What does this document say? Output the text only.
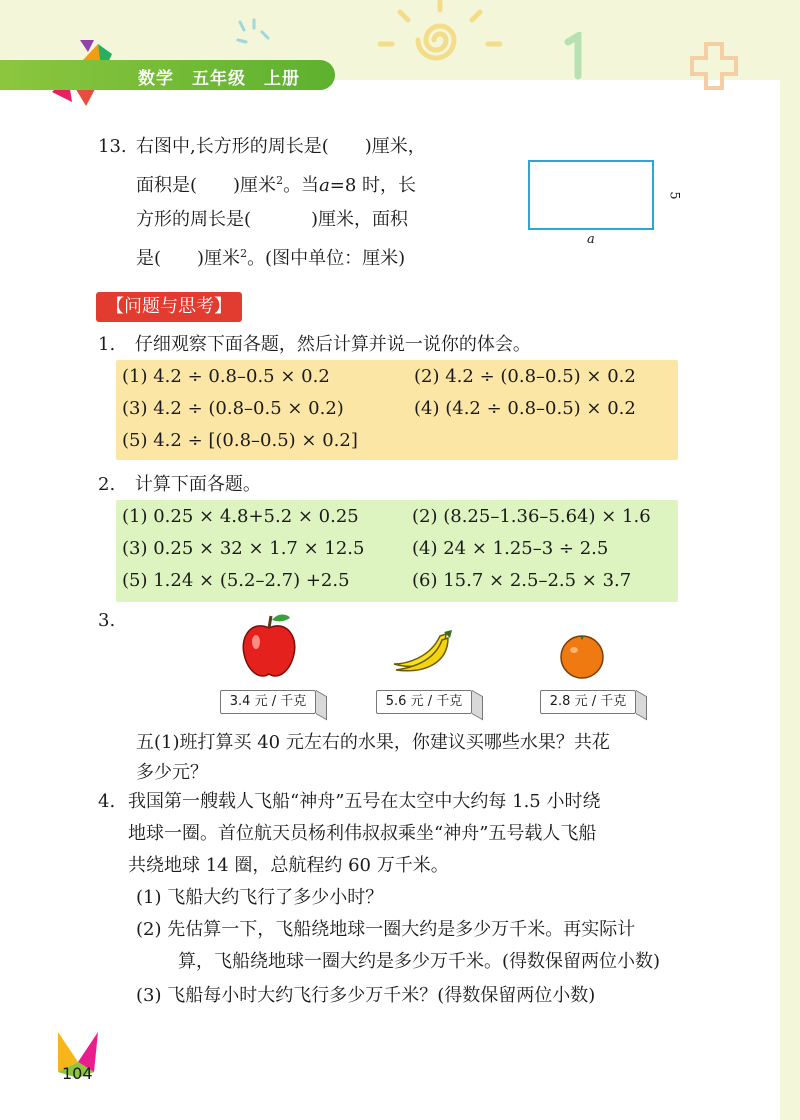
数学　五年级　上册
13. 右图中,长方形的周长是( )厘米，
面积是( )厘米$^2$。当a=8 时，长
方形的周长是(	)厘米，面积
是( )厘米$^2$。(图中单位：厘米)
5
a
【问题与思考】
1. 仔细观察下面各题，然后计算并说一说你的体会。
(1) 4.2 ÷ 0.8–0.5 × 0.2	(2) 4.2 ÷ (0.8–0.5) × 0.2
(3) 4.2 ÷ (0.8–0.5 × 0.2)	(4) (4.2 ÷ 0.8–0.5) × 0.2
(5) 4.2 ÷ [(0.8–0.5) × 0.2]
2. 计算下面各题。
(1) 0.25 × 4.8+5.2 × 0.25	(2) (8.25–1.36–5.64) × 1.6
(3) 0.25 × 32 × 1.7 × 12.5	(4) 24 × 1.25–3 ÷ 2.5
(5) 1.24 × (5.2–2.7) +2.5	(6) 15.7 × 2.5–2.5 × 3.7
3.
3.4 元 / 千克	5.6 元 / 千克	2.8 元 / 千克
五(1)班打算买 40 元左右的水果，你建议买哪些水果？共花
多少元？
4. 我国第一艘载人飞船“神舟”五号在太空中大约每 1.5 小时绕
地球一圈。首位航天员杨利伟叔叔乘坐“神舟”五号载人飞船
共绕地球 14 圈，总航程约 60 万千米。
(1) 飞船大约飞行了多少小时？
(2) 先估算一下，飞船绕地球一圈大约是多少万千米。再实际计
算，飞船绕地球一圈大约是多少万千米。(得数保留两位小数)
(3) 飞船每小时大约飞行多少万千米？(得数保留两位小数)
104
